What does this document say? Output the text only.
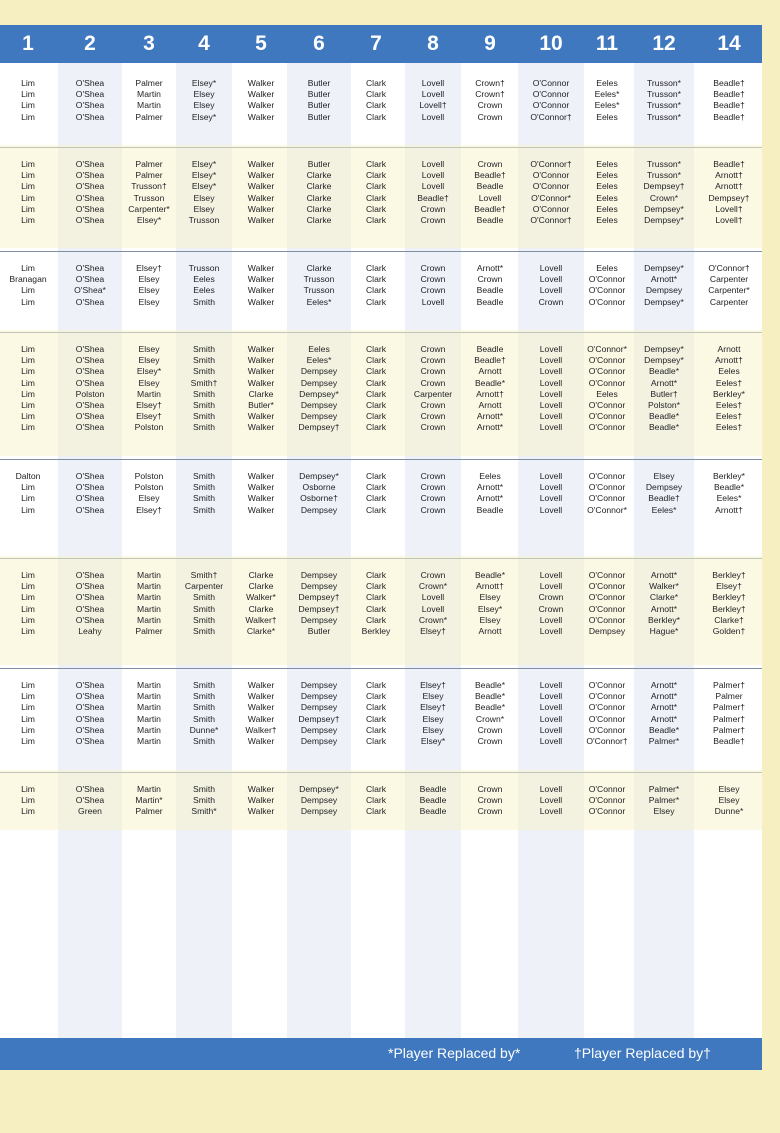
1	2	3	4	5	6	7	8	9	10	11	12	14
Lim	O'Shea	Palmer	Elsey*	Walker	Butler	Clark	Lovell	Crown†	O'Connor	Eeles	Trusson*	Beadle†
Lim	O'Shea	Martin	Elsey	Walker	Butler	Clark	Lovell	Crown†	O'Connor	Eeles*	Trusson*	Beadle†
Lim	O'Shea	Martin	Elsey	Walker	Butler	Clark	Lovell†	Crown	O'Connor	Eeles*	Trusson*	Beadle†
Lim	O'Shea	Palmer	Elsey*	Walker	Butler	Clark	Lovell	Crown	O'Connor†	Eeles	Trusson*	Beadle†
Lim	O'Shea	Palmer	Elsey*	Walker	Butler	Clark	Lovell	Crown	O'Connor†	Eeles	Trusson*	Beadle†
Lim	O'Shea	Palmer	Elsey*	Walker	Clarke	Clark	Lovell	Beadle†	O'Connor	Eeles	Trusson*	Arnott†
Lim	O'Shea	Trusson†	Elsey*	Walker	Clarke	Clark	Lovell	Beadle	O'Connor	Eeles	Dempsey†	Arnott†
Lim	O'Shea	Trusson	Elsey	Walker	Clarke	Clark	Beadle†	Lovell	O'Connor*	Eeles	Crown*	Dempsey†
Lim	O'Shea	Carpenter*	Elsey	Walker	Clarke	Clark	Crown	Beadle†	O'Connor	Eeles	Dempsey*	Lovell†
Lim	O'Shea	Elsey*	Trusson	Walker	Clarke	Clark	Crown	Beadle	O'Connor†	Eeles	Dempsey*	Lovell†
Lim	O'Shea	Elsey†	Trusson	Walker	Clarke	Clark	Crown	Arnott*	Lovell	Eeles	Dempsey*	O'Connor†
Branagan	O'Shea	Elsey	Eeles	Walker	Trusson	Clark	Crown	Crown	Lovell	O'Connor	Arnott*	Carpenter
Lim	O'Shea*	Elsey	Eeles	Walker	Trusson	Clark	Crown	Beadle	Lovell	O'Connor	Dempsey	Carpenter*
Lim	O'Shea	Elsey	Smith	Walker	Eeles*	Clark	Lovell	Beadle	Crown	O'Connor	Dempsey*	Carpenter
Lim	O'Shea	Elsey	Smith	Walker	Eeles	Clark	Crown	Beadle	Lovell	O'Connor*	Dempsey*	Arnott
Lim	O'Shea	Elsey	Smith	Walker	Eeles*	Clark	Crown	Beadle†	Lovell	O'Connor	Dempsey*	Arnott†
Lim	O'Shea	Elsey*	Smith	Walker	Dempsey	Clark	Crown	Arnott	Lovell	O'Connor	Beadle*	Eeles
Lim	O'Shea	Elsey	Smith†	Walker	Dempsey	Clark	Crown	Beadle*	Lovell	O'Connor	Arnott*	Eeles†
Lim	Polston	Martin	Smith	Clarke	Dempsey*	Clark	Carpenter	Arnott†	Lovell	Eeles	Butler†	Berkley*
Lim	O'Shea	Elsey†	Smith	Butler*	Dempsey	Clark	Crown	Arnott	Lovell	O'Connor	Polston*	Eeles†
Lim	O'Shea	Elsey†	Smith	Walker	Dempsey	Clark	Crown	Arnott*	Lovell	O'Connor	Beadle*	Eeles†
Lim	O'Shea	Polston	Smith	Walker	Dempsey†	Clark	Crown	Arnott*	Lovell	O'Connor	Beadle*	Eeles†
Dalton	O'Shea	Polston	Smith	Walker	Dempsey*	Clark	Crown	Eeles	Lovell	O'Connor	Elsey	Berkley*
Lim	O'Shea	Polston	Smith	Walker	Osborne	Clark	Crown	Arnott*	Lovell	O'Connor	Dempsey	Beadle*
Lim	O'Shea	Elsey	Smith	Walker	Osborne†	Clark	Crown	Arnott*	Lovell	O'Connor	Beadle†	Eeles*
Lim	O'Shea	Elsey†	Smith	Walker	Dempsey	Clark	Crown	Beadle	Lovell	O'Connor*	Eeles*	Arnott†
Lim	O'Shea	Martin	Smith†	Clarke	Dempsey	Clark	Crown	Beadle*	Lovell	O'Connor	Arnott*	Berkley†
Lim	O'Shea	Martin	Carpenter	Clarke	Dempsey	Clark	Crown*	Arnott†	Lovell	O'Connor	Walker*	Elsey†
Lim	O'Shea	Martin	Smith	Walker*	Dempsey†	Clark	Lovell	Elsey	Crown	O'Connor	Clarke*	Berkley†
Lim	O'Shea	Martin	Smith	Clarke	Dempsey†	Clark	Lovell	Elsey*	Crown	O'Connor	Arnott*	Berkley†
Lim	O'Shea	Martin	Smith	Walker†	Dempsey	Clark	Crown*	Elsey	Lovell	O'Connor	Berkley*	Clarke†
Lim	Leahy	Palmer	Smith	Clarke*	Butler	Berkley	Elsey†	Arnott	Lovell	Dempsey	Hague*	Golden†
Lim	O'Shea	Martin	Smith	Walker	Dempsey	Clark	Elsey†	Beadle*	Lovell	O'Connor	Arnott*	Palmer†
Lim	O'Shea	Martin	Smith	Walker	Dempsey	Clark	Elsey	Beadle*	Lovell	O'Connor	Arnott*	Palmer
Lim	O'Shea	Martin	Smith	Walker	Dempsey	Clark	Elsey†	Beadle*	Lovell	O'Connor	Arnott*	Palmer†
Lim	O'Shea	Martin	Smith	Walker	Dempsey†	Clark	Elsey	Crown*	Lovell	O'Connor	Arnott*	Palmer†
Lim	O'Shea	Martin	Dunne*	Walker†	Dempsey	Clark	Elsey	Crown	Lovell	O'Connor	Beadle*	Palmer†
Lim	O'Shea	Martin	Smith	Walker	Dempsey	Clark	Elsey*	Crown	Lovell	O'Connor†	Palmer*	Beadle†
Lim	O'Shea	Martin	Smith	Walker	Dempsey*	Clark	Beadle	Crown	Lovell	O'Connor	Palmer*	Elsey
Lim	O'Shea	Martin*	Smith	Walker	Dempsey	Clark	Beadle	Crown	Lovell	O'Connor	Palmer*	Elsey
Lim	Green	Palmer	Smith*	Walker	Dempsey	Clark	Beadle	Crown	Lovell	O'Connor	Elsey	Dunne*
*Player Replaced by*	†Player Replaced by†
